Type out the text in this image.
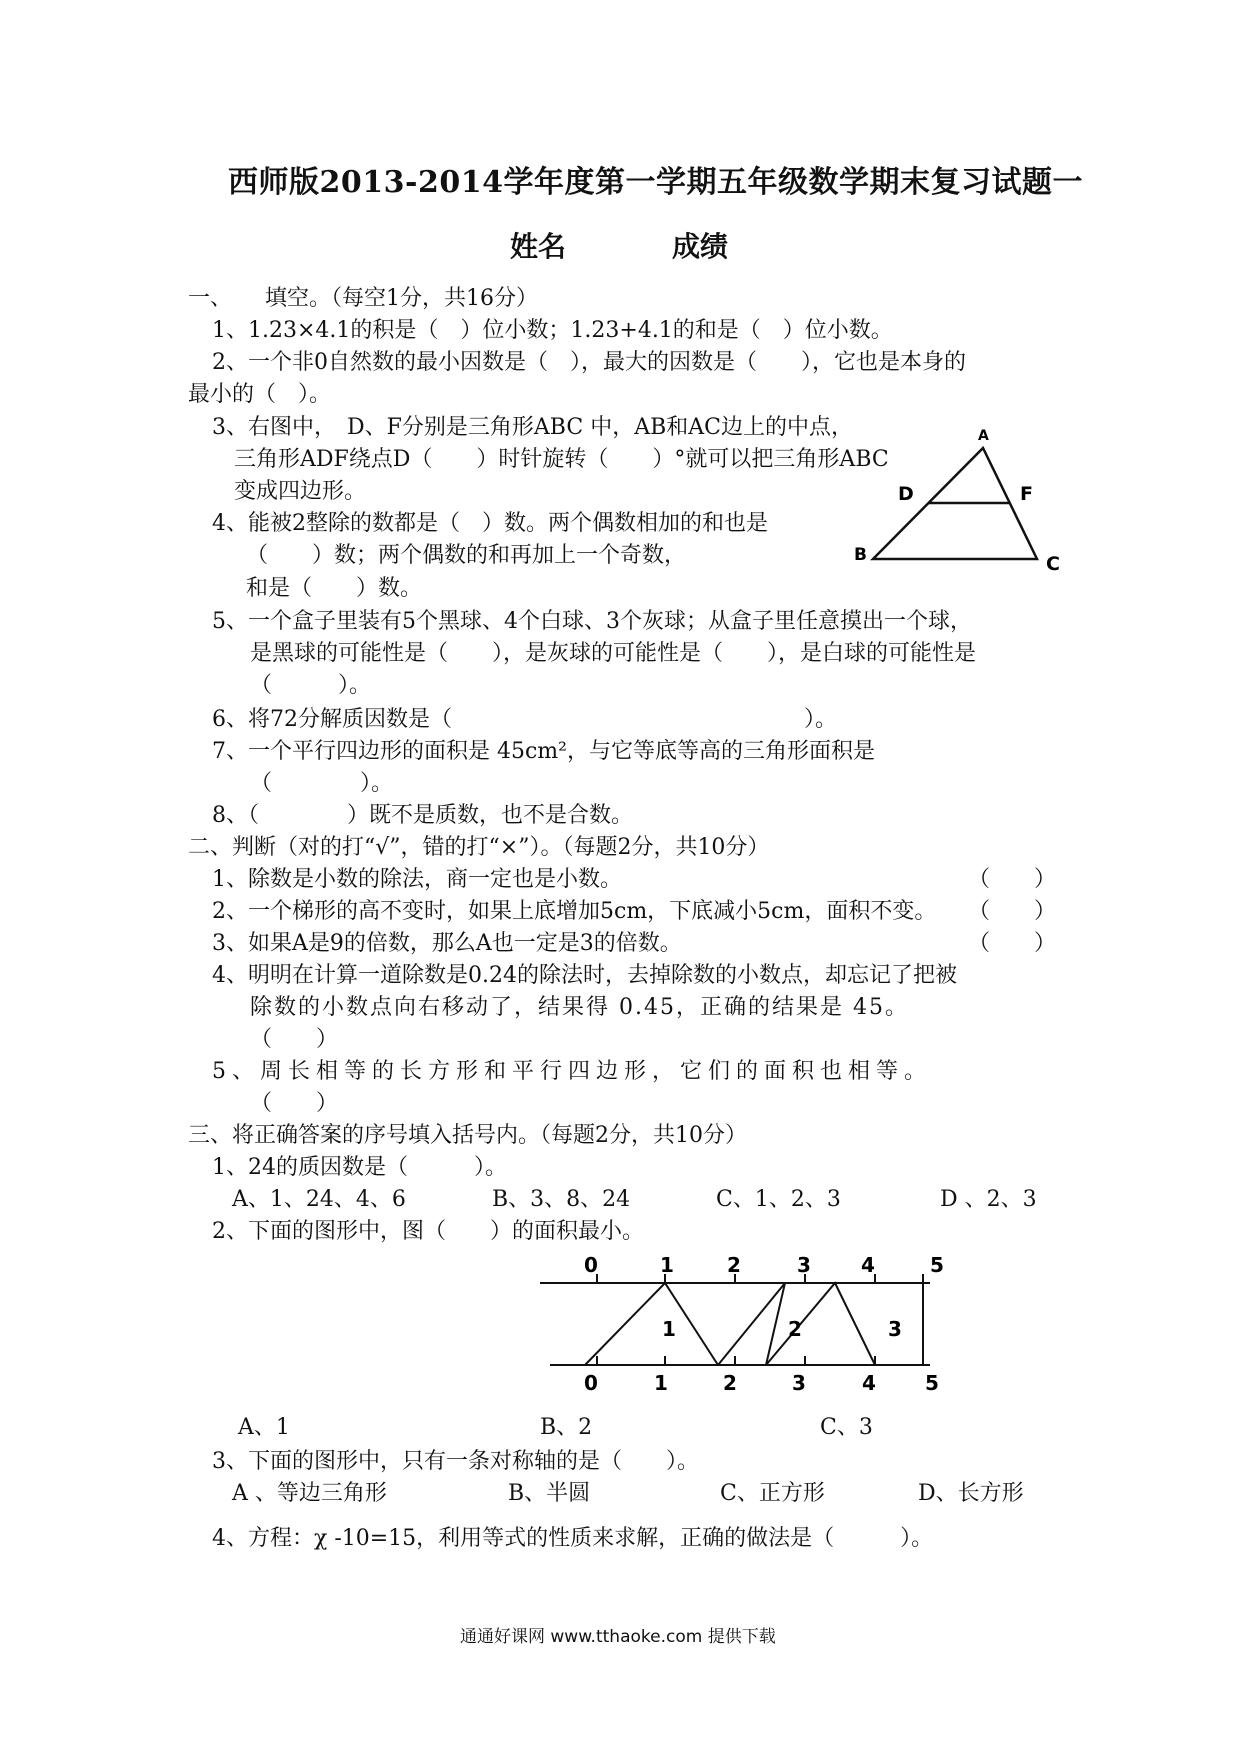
西师版2013-2014学年度第一学期五年级数学期末复习试题一
姓名	成绩
一、　　填空。（每空1分，共16分）
1、1.23×4.1的积是（　）位小数；1.23+4.1的和是（　）位小数。
2、一个非0自然数的最小因数是（　），最大的因数是（　　），它也是本身的
最小的（　）。
3、右图中，　D、F分别是三角形ABC 中，AB和AC边上的中点，
三角形ADF绕点D（　　）时针旋转（　　）°就可以把三角形ABC
变成四边形。
4、能被2整除的数都是（　）数。两个偶数相加的和也是
（　　）数；两个偶数的和再加上一个奇数，
和是（　　）数。
5、一个盒子里装有5个黑球、4个白球、3个灰球；从盒子里任意摸出一个球，
是黑球的可能性是（　　），是灰球的可能性是（　　），是白球的可能性是
（　　　）。
6、将72分解质因数是（　　　　　　　　　　　　　　　　）。
7、一个平行四边形的面积是 45cm²，与它等底等高的三角形面积是
（　　　　）。
8、（　　　　）既不是质数，也不是合数。
A
B	C
D	F
二、判断（对的打“√”，错的打“×”）。（每题2分，共10分）
1、除数是小数的除法，商一定也是小数。	（　　）
2、一个梯形的高不变时，如果上底增加5cm，下底减小5cm，面积不变。 （　　）
3、如果A是9的倍数，那么A也一定是3的倍数。	（　　）
4、明明在计算一道除数是0.24的除法时，去掉除数的小数点，却忘记了把被
除数的小数点向右移动了，结果得 0.45，正确的结果是 45。
（　　）
5、周长相等的长方形和平行四边形，它们的面积也相等。
（　　）
三、将正确答案的序号填入括号内。（每题2分，共10分）
1、24的质因数是（　　　）。
A、1、24、4、6	B、3、8、24	C、1、2、3	D 、2、3
2、下面的图形中，图（　　）的面积最小。
0	1	2	3	4	5
0	1	2	3	4 5
1	2	3
A、1	B、2	C、3
3、下面的图形中，只有一条对称轴的是（　　）。
A 、等边三角形	B、半圆	C、正方形	D、长方形
4、方程：χ -10=15，利用等式的性质来求解，正确的做法是（　　　）。
通通好课网 www.tthaoke.com 提供下载
